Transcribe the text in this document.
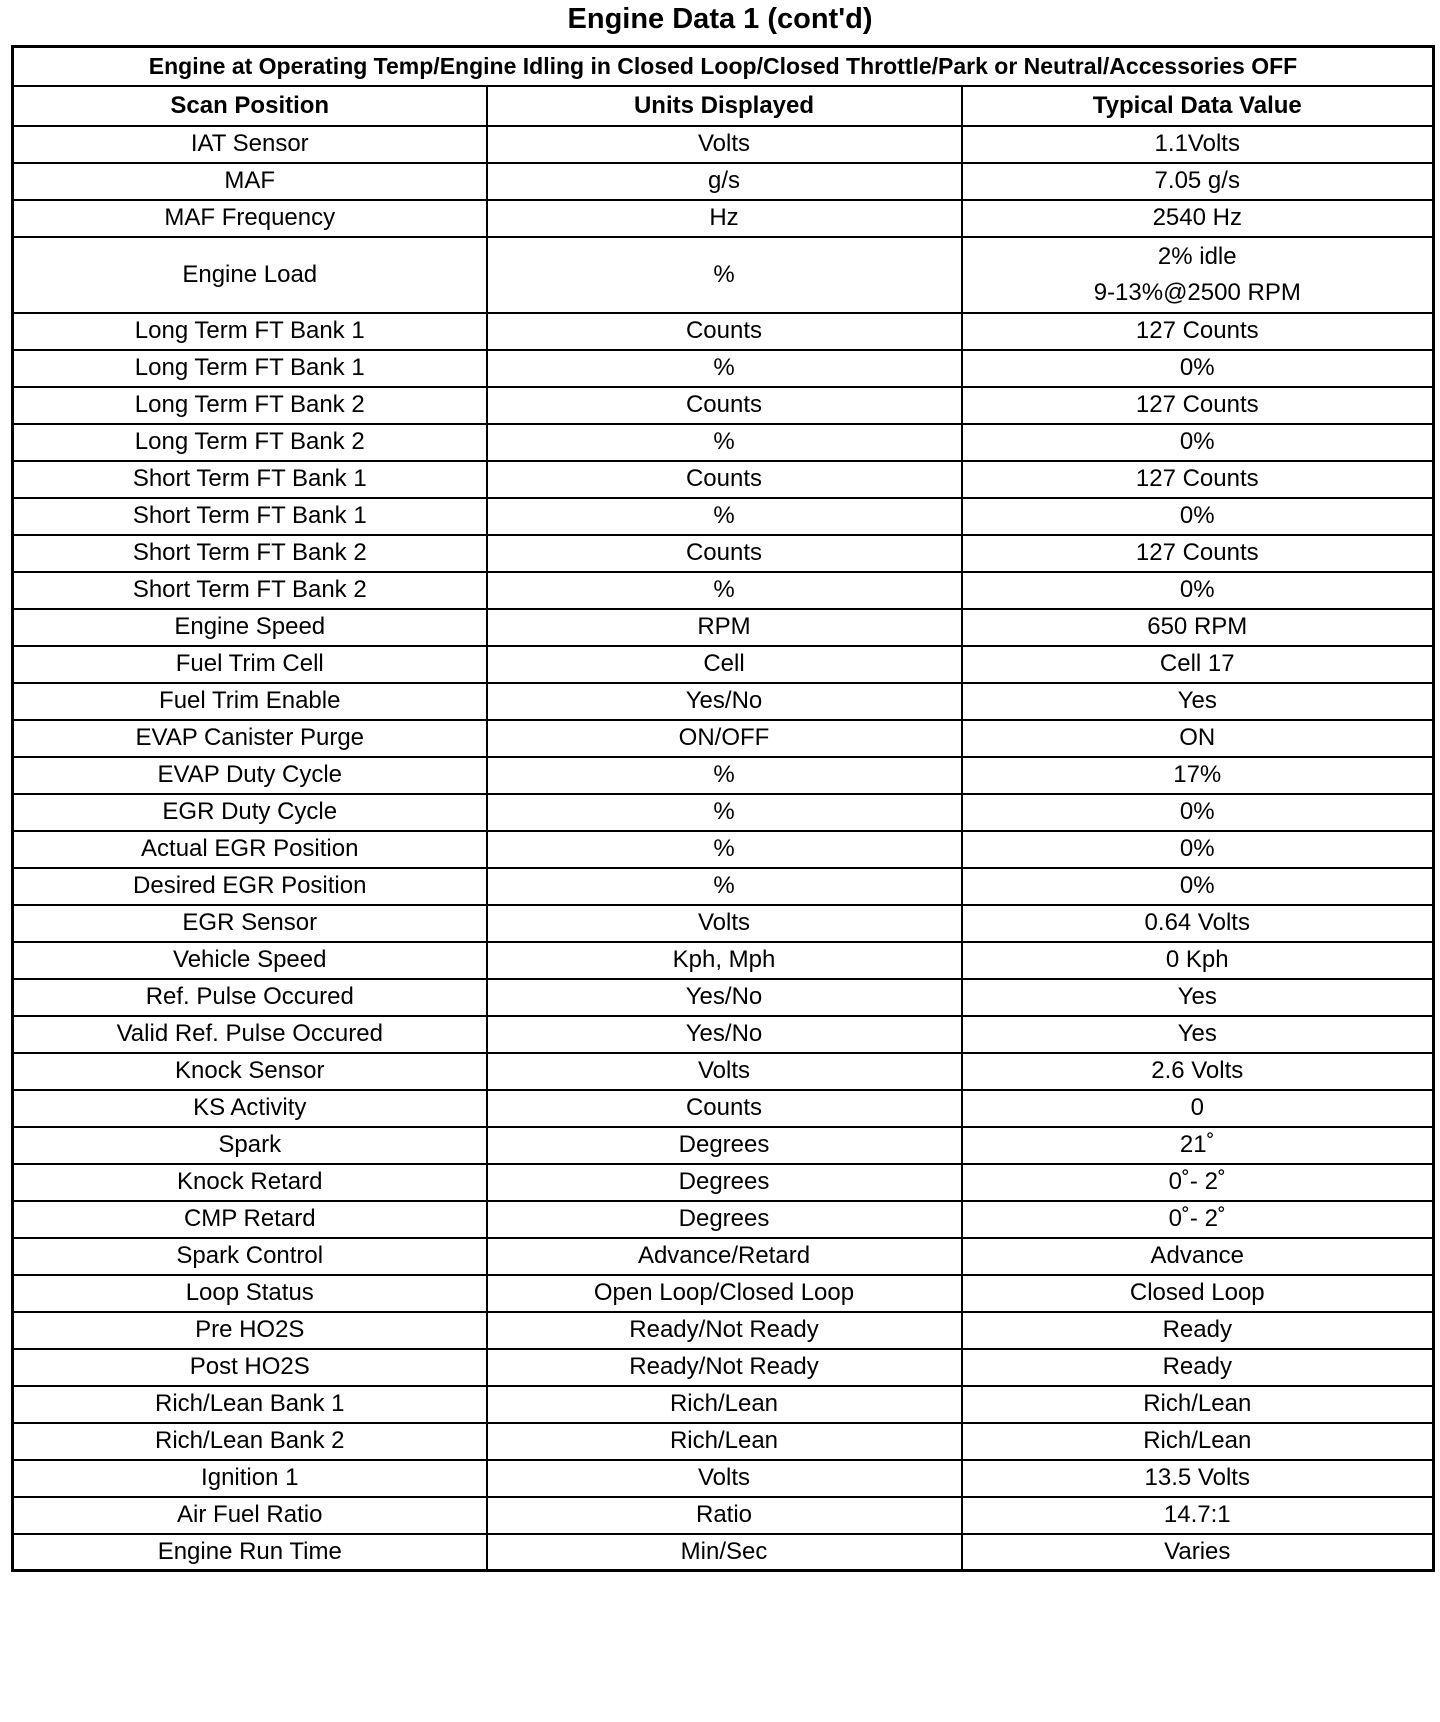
Engine Data 1 (cont'd)
Engine at Operating Temp/Engine Idling in Closed Loop/Closed Throttle/Park or Neutral/Accessories OFF		
Scan Position	Units Displayed	Typical Data Value
IAT Sensor	Volts	1.1Volts
MAF	g/s	7.05 g/s
MAF Frequency	Hz	2540 Hz
Engine Load	%	2% idle
9-13%@2500 RPM

Long Term FT Bank 1	Counts	127 Counts
Long Term FT Bank 1	%	0%
Long Term FT Bank 2	Counts	127 Counts
Long Term FT Bank 2	%	0%
Short Term FT Bank 1	Counts	127 Counts
Short Term FT Bank 1	%	0%
Short Term FT Bank 2	Counts	127 Counts
Short Term FT Bank 2	%	0%
Engine Speed	RPM	650 RPM
Fuel Trim Cell	Cell	Cell 17
Fuel Trim Enable	Yes/No	Yes
EVAP Canister Purge	ON/OFF	ON
EVAP Duty Cycle	%	17%
EGR Duty Cycle	%	0%
Actual EGR Position	%	0%
Desired EGR Position	%	0%
EGR Sensor	Volts	0.64 Volts
Vehicle Speed	Kph, Mph	0 Kph
Ref. Pulse Occured	Yes/No	Yes
Valid Ref. Pulse Occured	Yes/No	Yes
Knock Sensor	Volts	2.6 Volts
KS Activity	Counts	0
Spark	Degrees	21˚
Knock Retard	Degrees	0˚- 2˚
CMP Retard	Degrees	0˚- 2˚
Spark Control	Advance/Retard	Advance
Loop Status	Open Loop/Closed Loop	Closed Loop
Pre HO2S	Ready/Not Ready	Ready
Post HO2S	Ready/Not Ready	Ready
Rich/Lean Bank 1	Rich/Lean	Rich/Lean
Rich/Lean Bank 2	Rich/Lean	Rich/Lean
Ignition 1	Volts	13.5 Volts
Air Fuel Ratio	Ratio	14.7:1
Engine Run Time	Min/Sec	Varies
